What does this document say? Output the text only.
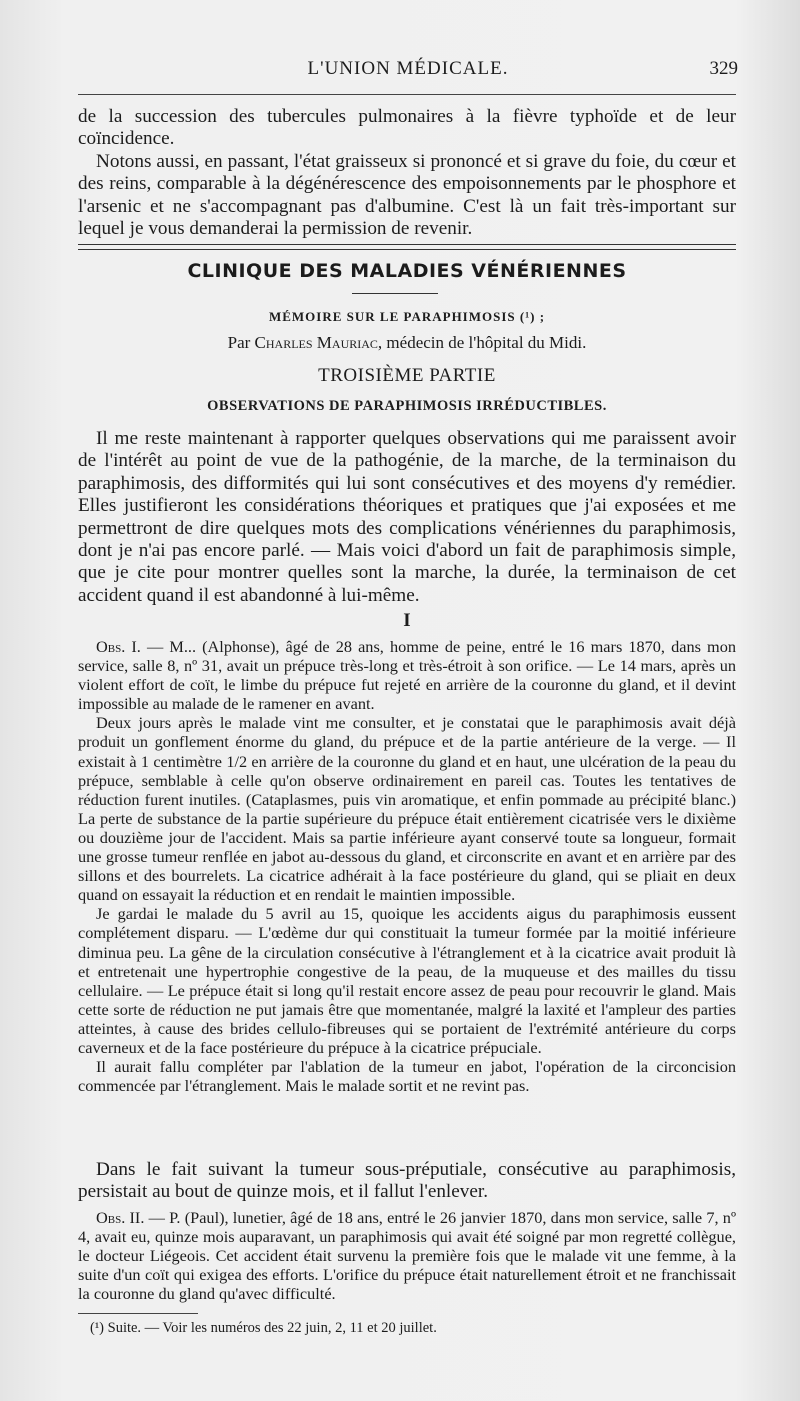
L'UNION MÉDICALE.	329

de la succession des tubercules pulmonaires à la fièvre typhoïde et de leur coïncidence.

Notons aussi, en passant, l'état graisseux si prononcé et si grave du foie, du cœur et des reins, comparable à la dégénérescence des empoisonnements par le phosphore et l'arsenic et ne s'accompagnant pas d'albumine. C'est là un fait très-important sur lequel je vous demanderai la permission de revenir.

CLINIQUE DES MALADIES VÉNÉRIENNES
MÉMOIRE SUR LE PARAPHIMOSIS (¹) ;
Par Charles Mauriac, médecin de l'hôpital du Midi.
TROISIÈME PARTIE
OBSERVATIONS DE PARAPHIMOSIS IRRÉDUCTIBLES.
Il me reste maintenant à rapporter quelques observations qui me paraissent avoir de l'intérêt au point de vue de la pathogénie, de la marche, de la terminaison du paraphimosis, des difformités qui lui sont consécutives et des moyens d'y remédier. Elles justifieront les considérations théoriques et pratiques que j'ai exposées et me permettront de dire quelques mots des complications vénériennes du paraphimosis, dont je n'ai pas encore parlé. — Mais voici d'abord un fait de paraphimosis simple, que je cite pour montrer quelles sont la marche, la durée, la terminaison de cet accident quand il est abandonné à lui-même.
I

Obs. I. — M... (Alphonse), âgé de 28 ans, homme de peine, entré le 16 mars 1870, dans mon service, salle 8, nº 31, avait un prépuce très-long et très-étroit à son orifice. — Le 14 mars, après un violent effort de coït, le limbe du prépuce fut rejeté en arrière de la couronne du gland, et il devint impossible au malade de le ramener en avant.

Deux jours après le malade vint me consulter, et je constatai que le paraphimosis avait déjà produit un gonflement énorme du gland, du prépuce et de la partie antérieure de la verge. — Il existait à 1 centimètre 1/2 en arrière de la couronne du gland et en haut, une ulcération de la peau du prépuce, semblable à celle qu'on observe ordinairement en pareil cas. Toutes les tentatives de réduction furent inutiles. (Cataplasmes, puis vin aromatique, et enfin pommade au précipité blanc.) La perte de substance de la partie supérieure du prépuce était entièrement cicatrisée vers le dixième ou douzième jour de l'accident. Mais sa partie inférieure ayant conservé toute sa longueur, formait une grosse tumeur renflée en jabot au-dessous du gland, et circonscrite en avant et en arrière par des sillons et des bourrelets. La cicatrice adhérait à la face postérieure du gland, qui se pliait en deux quand on essayait la réduction et en rendait le maintien impossible.

Je gardai le malade du 5 avril au 15, quoique les accidents aigus du paraphimosis eussent complétement disparu. — L'œdème dur qui constituait la tumeur formée par la moitié inférieure diminua peu. La gêne de la circulation consécutive à l'étranglement et à la cicatrice avait produit là et entretenait une hypertrophie congestive de la peau, de la muqueuse et des mailles du tissu cellulaire. — Le prépuce était si long qu'il restait encore assez de peau pour recouvrir le gland. Mais cette sorte de réduction ne put jamais être que momentanée, malgré la laxité et l'ampleur des parties atteintes, à cause des brides cellulo-fibreuses qui se portaient de l'extrémité antérieure du corps caverneux et de la face postérieure du prépuce à la cicatrice prépuciale.

Il aurait fallu compléter par l'ablation de la tumeur en jabot, l'opération de la circoncision commencée par l'étranglement. Mais le malade sortit et ne revint pas.

Dans le fait suivant la tumeur sous-préputiale, consécutive au paraphimosis, persistait au bout de quinze mois, et il fallut l'enlever.

Obs. II. — P. (Paul), lunetier, âgé de 18 ans, entré le 26 janvier 1870, dans mon service, salle 7, nº 4, avait eu, quinze mois auparavant, un paraphimosis qui avait été soigné par mon regretté collègue, le docteur Liégeois. Cet accident était survenu la première fois que le malade vit une femme, à la suite d'un coït qui exigea des efforts. L'orifice du prépuce était naturellement étroit et ne franchissait la couronne du gland qu'avec difficulté.

(¹) Suite. — Voir les numéros des 22 juin, 2, 11 et 20 juillet.
